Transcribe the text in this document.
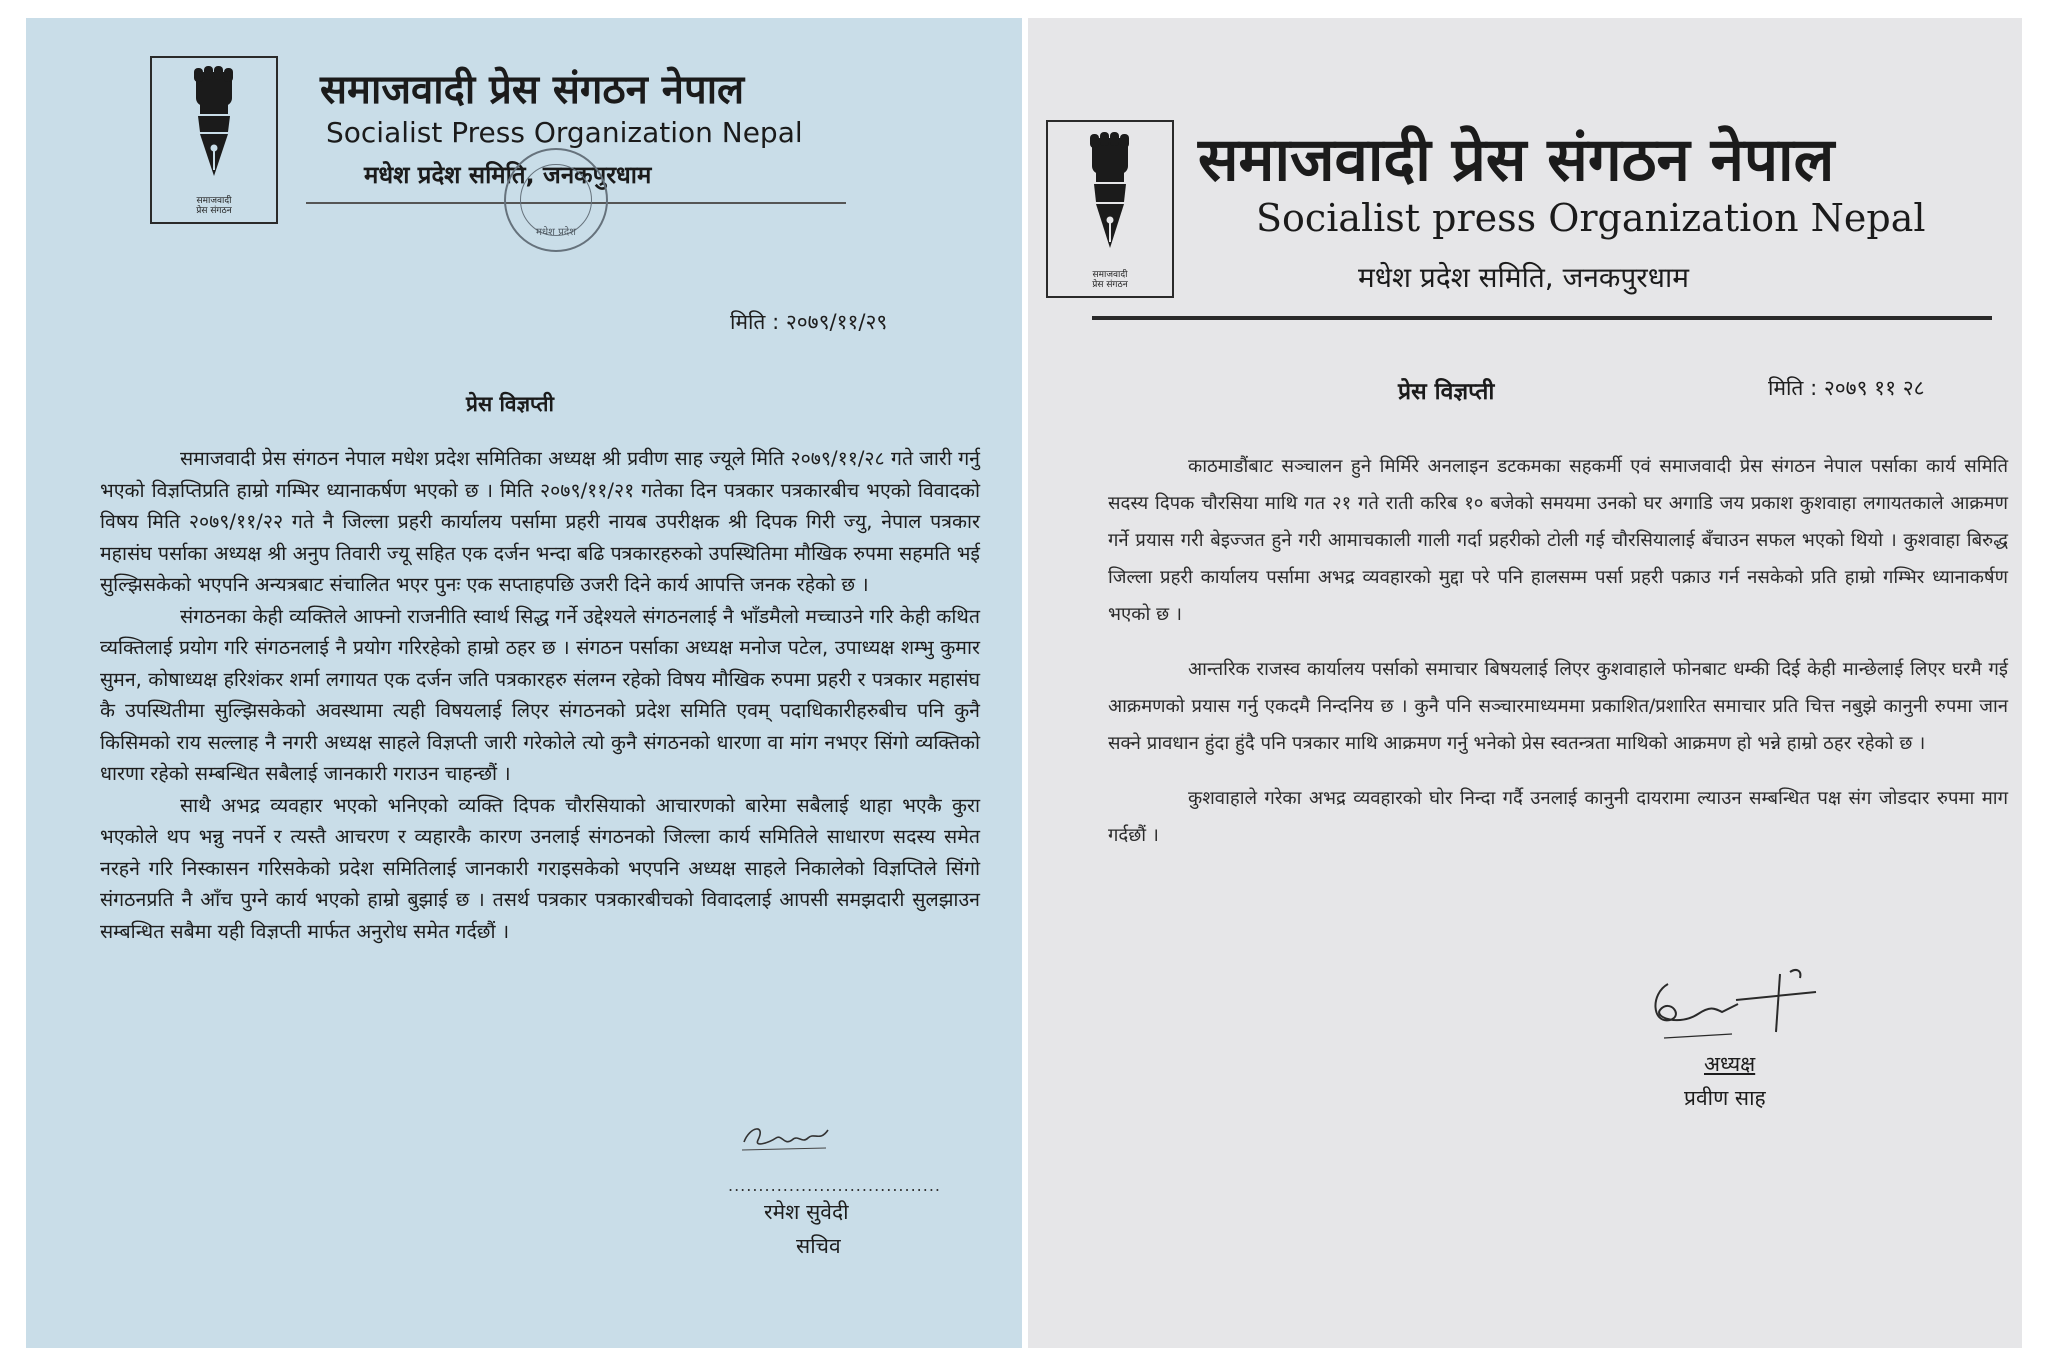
समाजवादी
प्रेस संगठन
समाजवादी प्रेस संगठन नेपाल
Socialist Press Organization Nepal
मधेश प्रदेश समिति, जनकपुरधाम
मधेश प्रदेश
मिति : २०७९/११/२९
प्रेस विज्ञप्ती

समाजवादी प्रेस संगठन नेपाल मधेश प्रदेश समितिका अध्यक्ष श्री प्रवीण साह ज्यूले मिति २०७९/११/२८ गते जारी गर्नु भएको विज्ञप्तिप्रति हाम्रो गम्भिर ध्यानाकर्षण भएको छ । मिति २०७९/११/२१ गतेका दिन पत्रकार पत्रकारबीच भएको विवादको विषय मिति २०७९/११/२२ गते नै जिल्ला प्रहरी कार्यालय पर्सामा प्रहरी नायब उपरीक्षक श्री दिपक गिरी ज्यु, नेपाल पत्रकार महासंघ पर्साका अध्यक्ष श्री अनुप तिवारी ज्यू सहित एक दर्जन भन्दा बढि पत्रकारहरुको उपस्थितिमा मौखिक रुपमा सहमति भई सुल्झिसकेको भएपनि अन्यत्रबाट संचालित भएर पुनः एक सप्ताहपछि उजरी दिने कार्य आपत्ति जनक रहेको छ ।

संगठनका केही व्यक्तिले आफ्नो राजनीति स्वार्थ सिद्ध गर्ने उद्देश्यले संगठनलाई नै भाँडमैलो मच्चाउने गरि केही कथित व्यक्तिलाई प्रयोग गरि संगठनलाई नै प्रयोग गरिरहेको हाम्रो ठहर छ । संगठन पर्साका अध्यक्ष मनोज पटेल, उपाध्यक्ष शम्भु कुमार सुमन, कोषाध्यक्ष हरिशंकर शर्मा लगायत एक दर्जन जति पत्रकारहरु संलग्न रहेको विषय मौखिक रुपमा प्रहरी र पत्रकार महासंघ कै उपस्थितीमा सुल्झिसकेको अवस्थामा त्यही विषयलाई लिएर संगठनको प्रदेश समिति एवम् पदाधिकारीहरुबीच पनि कुनै किसिमको राय सल्लाह नै नगरी अध्यक्ष साहले विज्ञप्ती जारी गरेकोले त्यो कुनै संगठनको धारणा वा मांग नभएर सिंगो व्यक्तिको धारणा रहेको सम्बन्धित सबैलाई जानकारी गराउन चाहन्छौं ।

साथै अभद्र व्यवहार भएको भनिएको व्यक्ति दिपक चौरसियाको आचारणको बारेमा सबैलाई थाहा भएकै कुरा भएकोले थप भन्नु नपर्ने र त्यस्तै आचरण र व्यहारकै कारण उनलाई संगठनको जिल्ला कार्य समितिले साधारण सदस्य समेत नरहने गरि निस्कासन गरिसकेको प्रदेश समितिलाई जानकारी गराइसकेको भएपनि अध्यक्ष साहले निकालेको विज्ञप्तिले सिंगो संगठनप्रति नै आँच पुग्ने कार्य भएको हाम्रो बुझाई छ । तसर्थ पत्रकार पत्रकारबीचको विवादलाई आपसी समझदारी सुलझाउन सम्बन्धित सबैमा यही विज्ञप्ती मार्फत अनुरोध समेत गर्दछौं ।

...................................
रमेश सुवेदी
सचिव
समाजवादी
प्रेस संगठन
समाजवादी प्रेस संगठन नेपाल
Socialist press Organization Nepal
मधेश प्रदेश समिति, जनकपुरधाम
प्रेस विज्ञप्ती	मिति : २०७९ ११ २८

काठमाडौंबाट सञ्चालन हुने मिर्मिरे अनलाइन डटकमका सहकर्मी एवं समाजवादी प्रेस संगठन नेपाल पर्साका कार्य समिति सदस्य दिपक चौरसिया माथि गत २१ गते राती करिब १० बजेको समयमा उनको घर अगाडि जय प्रकाश कुशवाहा लगायतकाले आक्रमण गर्ने प्रयास गरी बेइज्जत हुने गरी आमाचकाली गाली गर्दा प्रहरीको टोली गई चौरसियालाई बँचाउन सफल भएको थियो । कुशवाहा बिरुद्ध जिल्ला प्रहरी कार्यालय पर्सामा अभद्र व्यवहारको मुद्दा परे पनि हालसम्म पर्सा प्रहरी पक्राउ गर्न नसकेको प्रति हाम्रो गम्भिर ध्यानाकर्षण भएको छ ।

आन्तरिक राजस्व कार्यालय पर्साको समाचार बिषयलाई लिएर कुशवाहाले फोनबाट धम्की दिई केही मान्छेलाई लिएर घरमै गई आक्रमणको प्रयास गर्नु एकदमै निन्दनिय छ । कुनै पनि सञ्चारमाध्यममा प्रकाशित/प्रशारित समाचार प्रति चित्त नबुझे कानुनी रुपमा जान सक्ने प्रावधान हुंदा हुंदै पनि पत्रकार माथि आक्रमण गर्नु भनेको प्रेस स्वतन्त्रता माथिको आक्रमण हो भन्ने हाम्रो ठहर रहेको छ ।

कुशवाहाले गरेका अभद्र व्यवहारको घोर निन्दा गर्दै उनलाई कानुनी दायरामा ल्याउन सम्बन्धित पक्ष संग जोडदार रुपमा माग गर्दछौं ।

अध्यक्ष
प्रवीण साह
